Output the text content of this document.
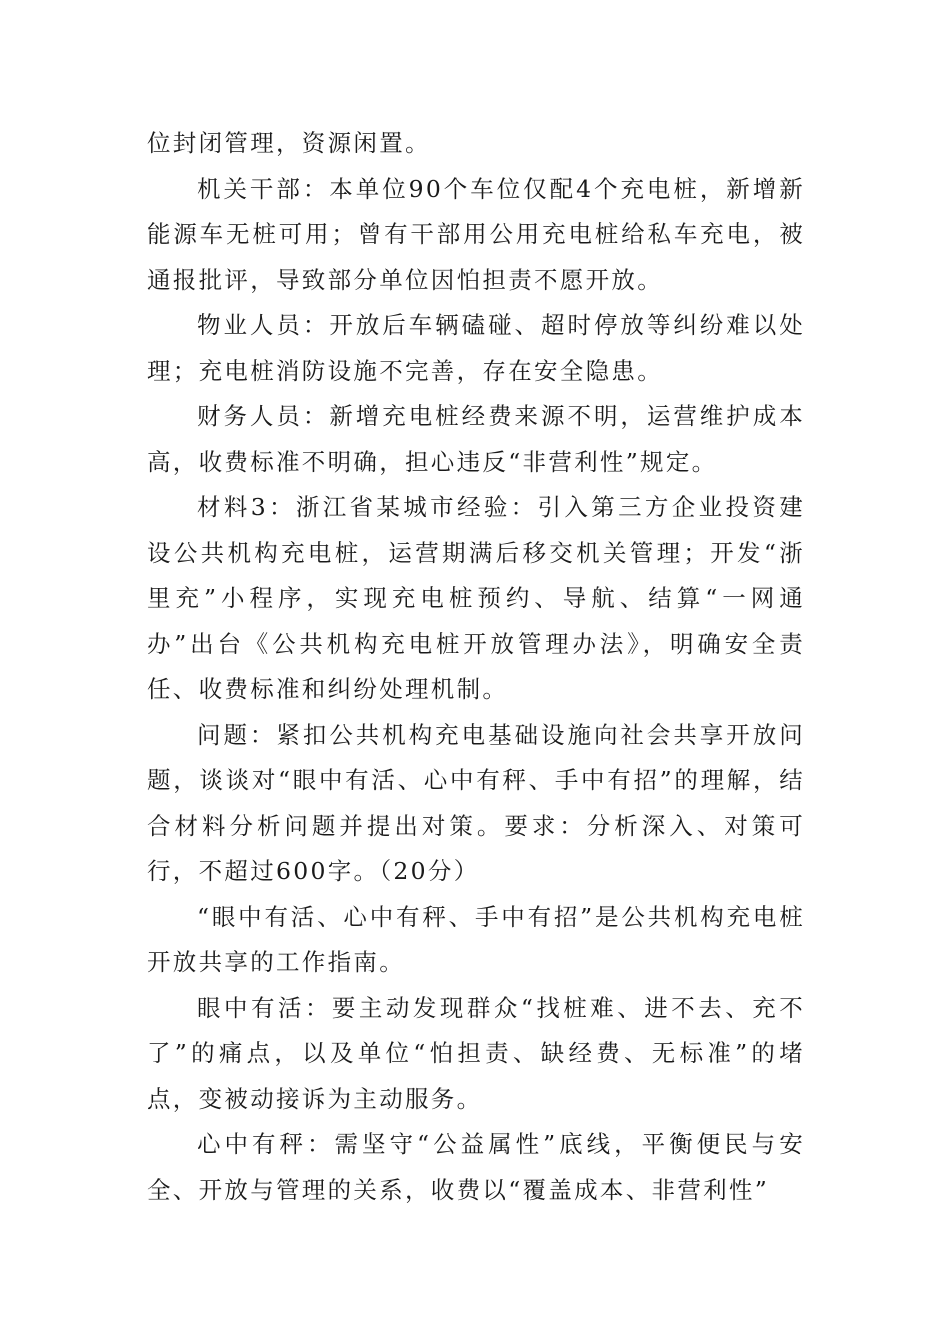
位封闭管理，资源闲置。

机关干部：本单位90个车位仅配4个充电桩，新增新能源车无桩可用；曾有干部用公用充电桩给私车充电，被通报批评，导致部分单位因怕担责不愿开放。

物业人员：开放后车辆磕碰、超时停放等纠纷难以处理；充电桩消防设施不完善，存在安全隐患。

财务人员：新增充电桩经费来源不明，运营维护成本高，收费标准不明确，担心违反“非营利性”规定。

材料3：浙江省某城市经验：引入第三方企业投资建设公共机构充电桩，运营期满后移交机关管理；开发“浙里充”小程序，实现充电桩预约、导航、结算“一网通办”出台《公共机构充电桩开放管理办法》，明确安全责任、收费标准和纠纷处理机制。

问题：紧扣公共机构充电基础设施向社会共享开放问题，谈谈对“眼中有活、心中有秤、手中有招”的理解，结合材料分析问题并提出对策。要求：分析深入、对策可行，不超过600字。（20分）

“眼中有活、心中有秤、手中有招”是公共机构充电桩开放共享的工作指南。

眼中有活：要主动发现群众“找桩难、进不去、充不了”的痛点，以及单位“怕担责、缺经费、无标准”的堵点，变被动接诉为主动服务。

心中有秤：需坚守“公益属性”底线，平衡便民与安全、开放与管理的关系，收费以“覆盖成本、非营利性”
